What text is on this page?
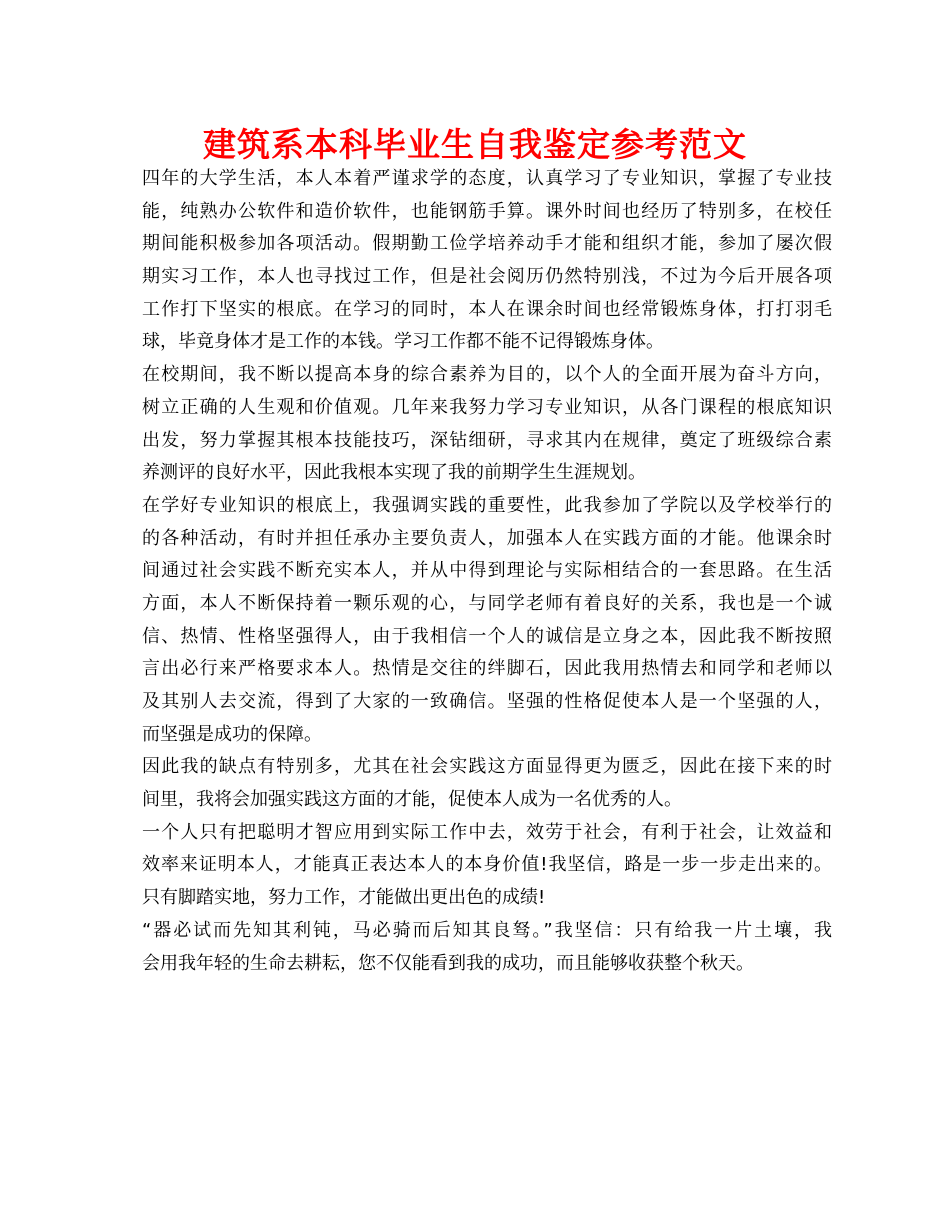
建筑系本科毕业生自我鉴定参考范文
四年的大学生活，本人本着严谨求学的态度，认真学习了专业知识，掌握了专业技
能，纯熟办公软件和造价软件，也能钢筋手算。课外时间也经历了特别多，在校任
期间能积极参加各项活动。假期勤工俭学培养动手才能和组织才能，参加了屡次假
期实习工作，本人也寻找过工作，但是社会阅历仍然特别浅，不过为今后开展各项
工作打下坚实的根底。在学习的同时，本人在课余时间也经常锻炼身体，打打羽毛
球，毕竟身体才是工作的本钱。学习工作都不能不记得锻炼身体。
在校期间，我不断以提高本身的综合素养为目的，以个人的全面开展为奋斗方向，
树立正确的人生观和价值观。几年来我努力学习专业知识，从各门课程的根底知识
出发，努力掌握其根本技能技巧，深钻细研，寻求其内在规律，奠定了班级综合素
养测评的良好水平，因此我根本实现了我的前期学生生涯规划。
在学好专业知识的根底上，我强调实践的重要性，此我参加了学院以及学校举行的
的各种活动，有时并担任承办主要负责人，加强本人在实践方面的才能。他课余时
间通过社会实践不断充实本人，并从中得到理论与实际相结合的一套思路。在生活
方面，本人不断保持着一颗乐观的心，与同学老师有着良好的关系，我也是一个诚
信、热情、性格坚强得人，由于我相信一个人的诚信是立身之本，因此我不断按照
言出必行来严格要求本人。热情是交往的绊脚石，因此我用热情去和同学和老师以
及其别人去交流，得到了大家的一致确信。坚强的性格促使本人是一个坚强的人，
而坚强是成功的保障。
因此我的缺点有特别多，尤其在社会实践这方面显得更为匮乏，因此在接下来的时
间里，我将会加强实践这方面的才能，促使本人成为一名优秀的人。
一个人只有把聪明才智应用到实际工作中去，效劳于社会，有利于社会，让效益和
效率来证明本人，才能真正表达本人的本身价值!我坚信，路是一步一步走出来的。
只有脚踏实地，努力工作，才能做出更出色的成绩!
“器必试而先知其利钝，马必骑而后知其良驽。”我坚信：只有给我一片土壤，我
会用我年轻的生命去耕耘，您不仅能看到我的成功，而且能够收获整个秋天。
